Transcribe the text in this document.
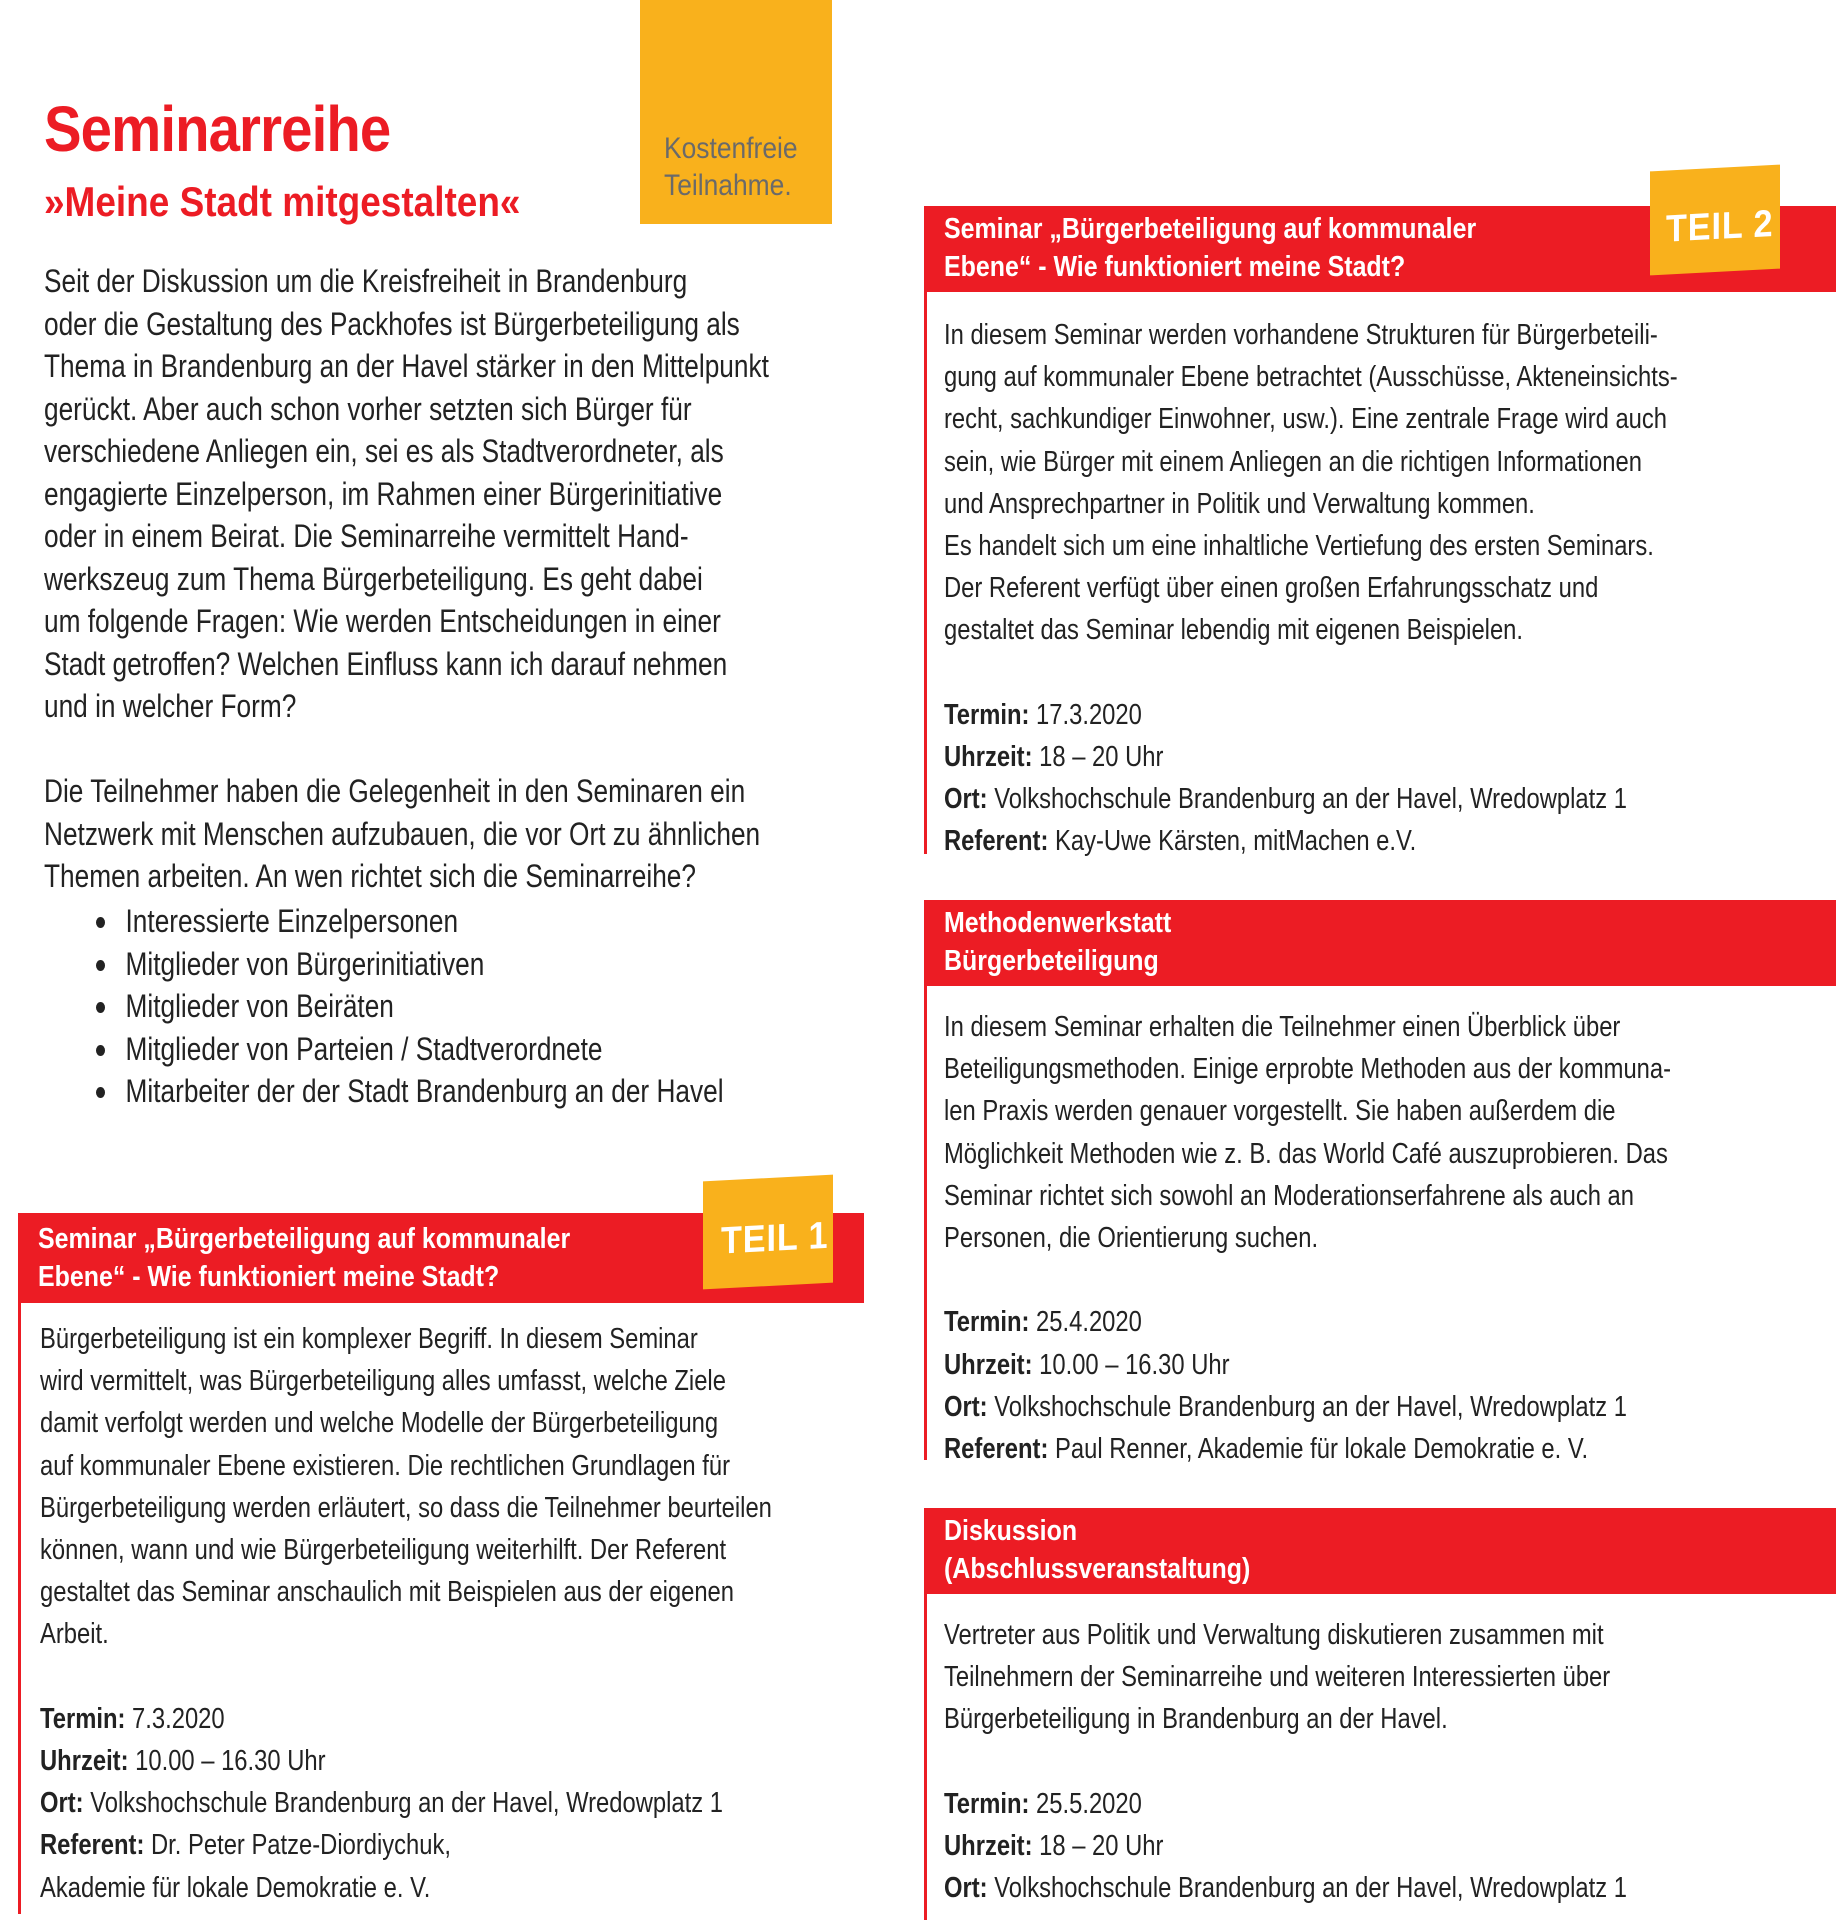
Kostenfreie
Teilnahme.
Seminarreihe
»Meine Stadt mitgestalten«
Seit der Diskussion um die Kreisfreiheit in Brandenburg
oder die Gestaltung des Packhofes ist Bürgerbeteiligung als
Thema in Brandenburg an der Havel stärker in den Mittelpunkt
gerückt. Aber auch schon vorher setzten sich Bürger für
verschiedene Anliegen ein, sei es als Stadtverordneter, als
engagierte Einzelperson, im Rahmen einer Bürgerinitiative
oder in einem Beirat. Die Seminarreihe vermittelt Hand-
werkszeug zum Thema Bürgerbeteiligung. Es geht dabei
um folgende Fragen: Wie werden Entscheidungen in einer
Stadt getroffen? Welchen Einfluss kann ich darauf nehmen
und in welcher Form?
Die Teilnehmer haben die Gelegenheit in den Seminaren ein
Netzwerk mit Menschen aufzubauen, die vor Ort zu ähnlichen
Themen arbeiten. An wen richtet sich die Seminarreihe?
Interessierte Einzelpersonen
Mitglieder von Bürgerinitiativen
Mitglieder von Beiräten
Mitglieder von Parteien / Stadtverordnete
Mitarbeiter der der Stadt Brandenburg an der Havel
Seminar „Bürgerbeteiligung auf kommunaler
Ebene“ - Wie funktioniert meine Stadt?
TEIL 1
Bürgerbeteiligung ist ein komplexer Begriff. In diesem Seminar
wird vermittelt, was Bürgerbeteiligung alles umfasst, welche Ziele
damit verfolgt werden und welche Modelle der Bürgerbeteiligung
auf kommunaler Ebene existieren. Die rechtlichen Grundlagen für
Bürgerbeteiligung werden erläutert, so dass die Teilnehmer beurteilen
können, wann und wie Bürgerbeteiligung weiterhilft. Der Referent
gestaltet das Seminar anschaulich mit Beispielen aus der eigenen
Arbeit.
Termin: 7.3.2020
Uhrzeit: 10.00 – 16.30 Uhr
Ort: Volkshochschule Brandenburg an der Havel, Wredowplatz 1
Referent: Dr. Peter Patze-Diordiychuk,
Akademie für lokale Demokratie e. V.
Seminar „Bürgerbeteiligung auf kommunaler
Ebene“ - Wie funktioniert meine Stadt?
TEIL 2
In diesem Seminar werden vorhandene Strukturen für Bürgerbeteili-
gung auf kommunaler Ebene betrachtet (Ausschüsse, Akteneinsichts-
recht, sachkundiger Einwohner, usw.). Eine zentrale Frage wird auch
sein, wie Bürger mit einem Anliegen an die richtigen Informationen
und Ansprechpartner in Politik und Verwaltung kommen.
Es handelt sich um eine inhaltliche Vertiefung des ersten Seminars.
Der Referent verfügt über einen großen Erfahrungsschatz und
gestaltet das Seminar lebendig mit eigenen Beispielen.
Termin: 17.3.2020
Uhrzeit: 18 – 20 Uhr
Ort: Volkshochschule Brandenburg an der Havel, Wredowplatz 1
Referent: Kay-Uwe Kärsten, mitMachen e.V.
Methodenwerkstatt
Bürgerbeteiligung
In diesem Seminar erhalten die Teilnehmer einen Überblick über
Beteiligungsmethoden. Einige erprobte Methoden aus der kommuna-
len Praxis werden genauer vorgestellt. Sie haben außerdem die
Möglichkeit Methoden wie z. B. das World Café auszuprobieren. Das
Seminar richtet sich sowohl an Moderationserfahrene als auch an
Personen, die Orientierung suchen.
Termin: 25.4.2020
Uhrzeit: 10.00 – 16.30 Uhr
Ort: Volkshochschule Brandenburg an der Havel, Wredowplatz 1
Referent: Paul Renner, Akademie für lokale Demokratie e. V.
Diskussion
(Abschlussveranstaltung)
Vertreter aus Politik und Verwaltung diskutieren zusammen mit
Teilnehmern der Seminarreihe und weiteren Interessierten über
Bürgerbeteiligung in Brandenburg an der Havel.
Termin: 25.5.2020
Uhrzeit: 18 – 20 Uhr
Ort: Volkshochschule Brandenburg an der Havel, Wredowplatz 1
